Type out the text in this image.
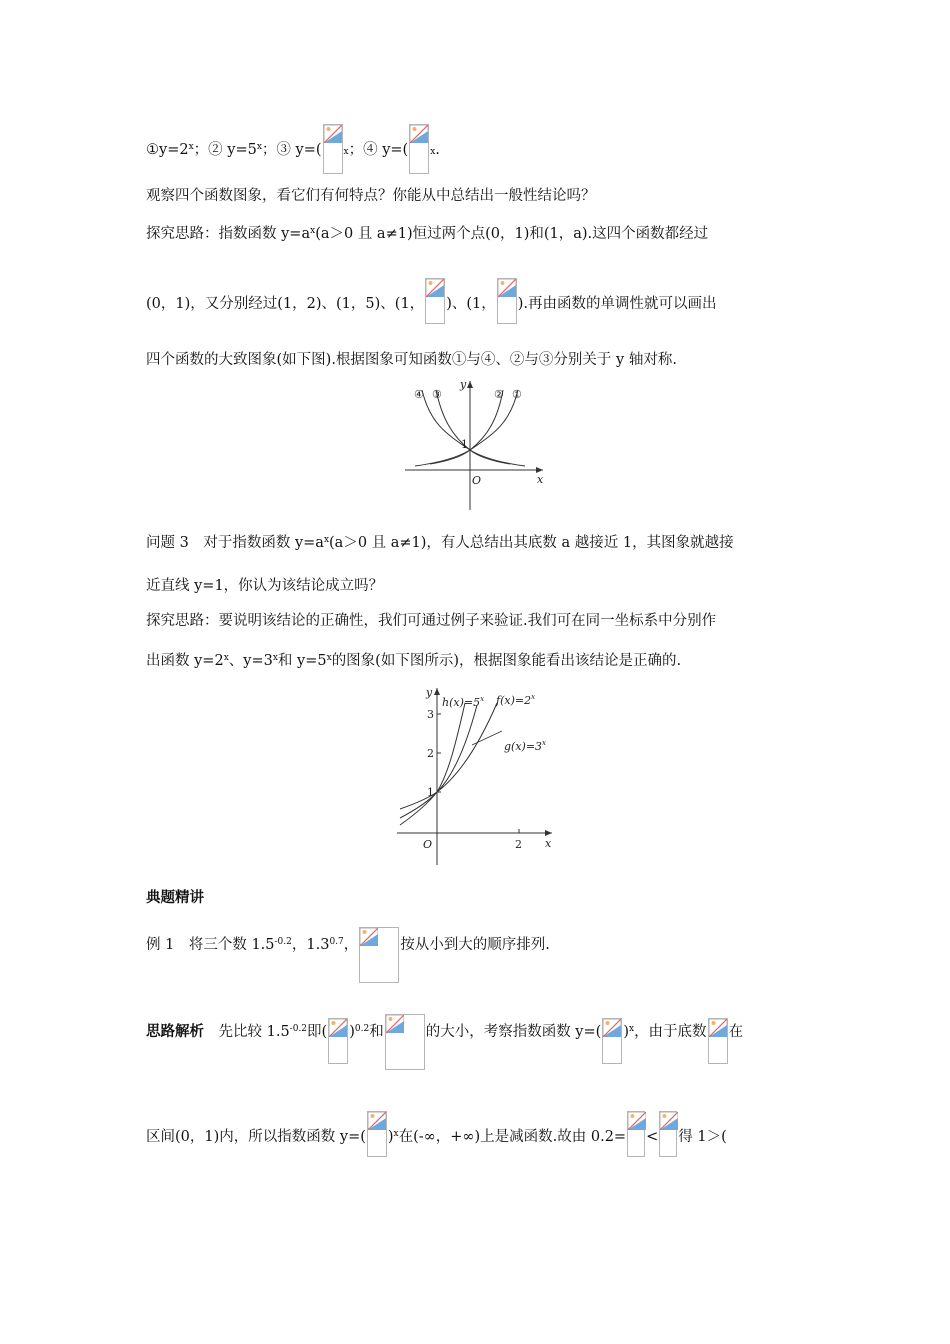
$①y=2^x$；② $y=5^x$；③ y=( x；④ y=( x.
观察四个函数图象，看它们有何特点？你能从中总结出一般性结论吗？
探究思路：指数函数 $y=a^x(a>0$ 且 a≠1)恒过两个点(0，1)和(1，a).这四个函数都经过
(0，1)，又分别经过(1，2)、(1，5)、(1， )、(1， ).再由函数的单调性就可以画出
四个函数的大致图象(如下图).根据图象可知函数①与④、②与③分别关于 y 轴对称.
④ ③	② ①
y
x
O
1
问题 3　对于指数函数 $y=a^x(a>0$ 且 a≠1)，有人总结出其底数 a 越接近 1，其图象就越接
近直线 y=1，你认为该结论成立吗？
探究思路：要说明该结论的正确性，我们可通过例子来验证.我们可在同一坐标系中分别作
出函数 $y=2^x$、$y=3^x$和 $y=5^x$的图象(如下图所示)，根据图象能看出该结论是正确的.
$h(x)=5^x$ $f(x)=2^x$
$g(x)=3^x$
y
x
O
3
2
1
2
典题精讲
例 1　将三个数 $1.5^{-0.2}$，$1.3^{0.7}$，	按从小到大的顺序排列.
思路解析　先比较 $1.5^{-0.2}$即( )$^{0.2}$和	的大小，考察指数函数 y=( )$^x$，由于底数 在
区间(0，1)内，所以指数函数 y=( )$^x$在(-∞，+∞)上是减函数.故由 0.2= < 得 1＞(
